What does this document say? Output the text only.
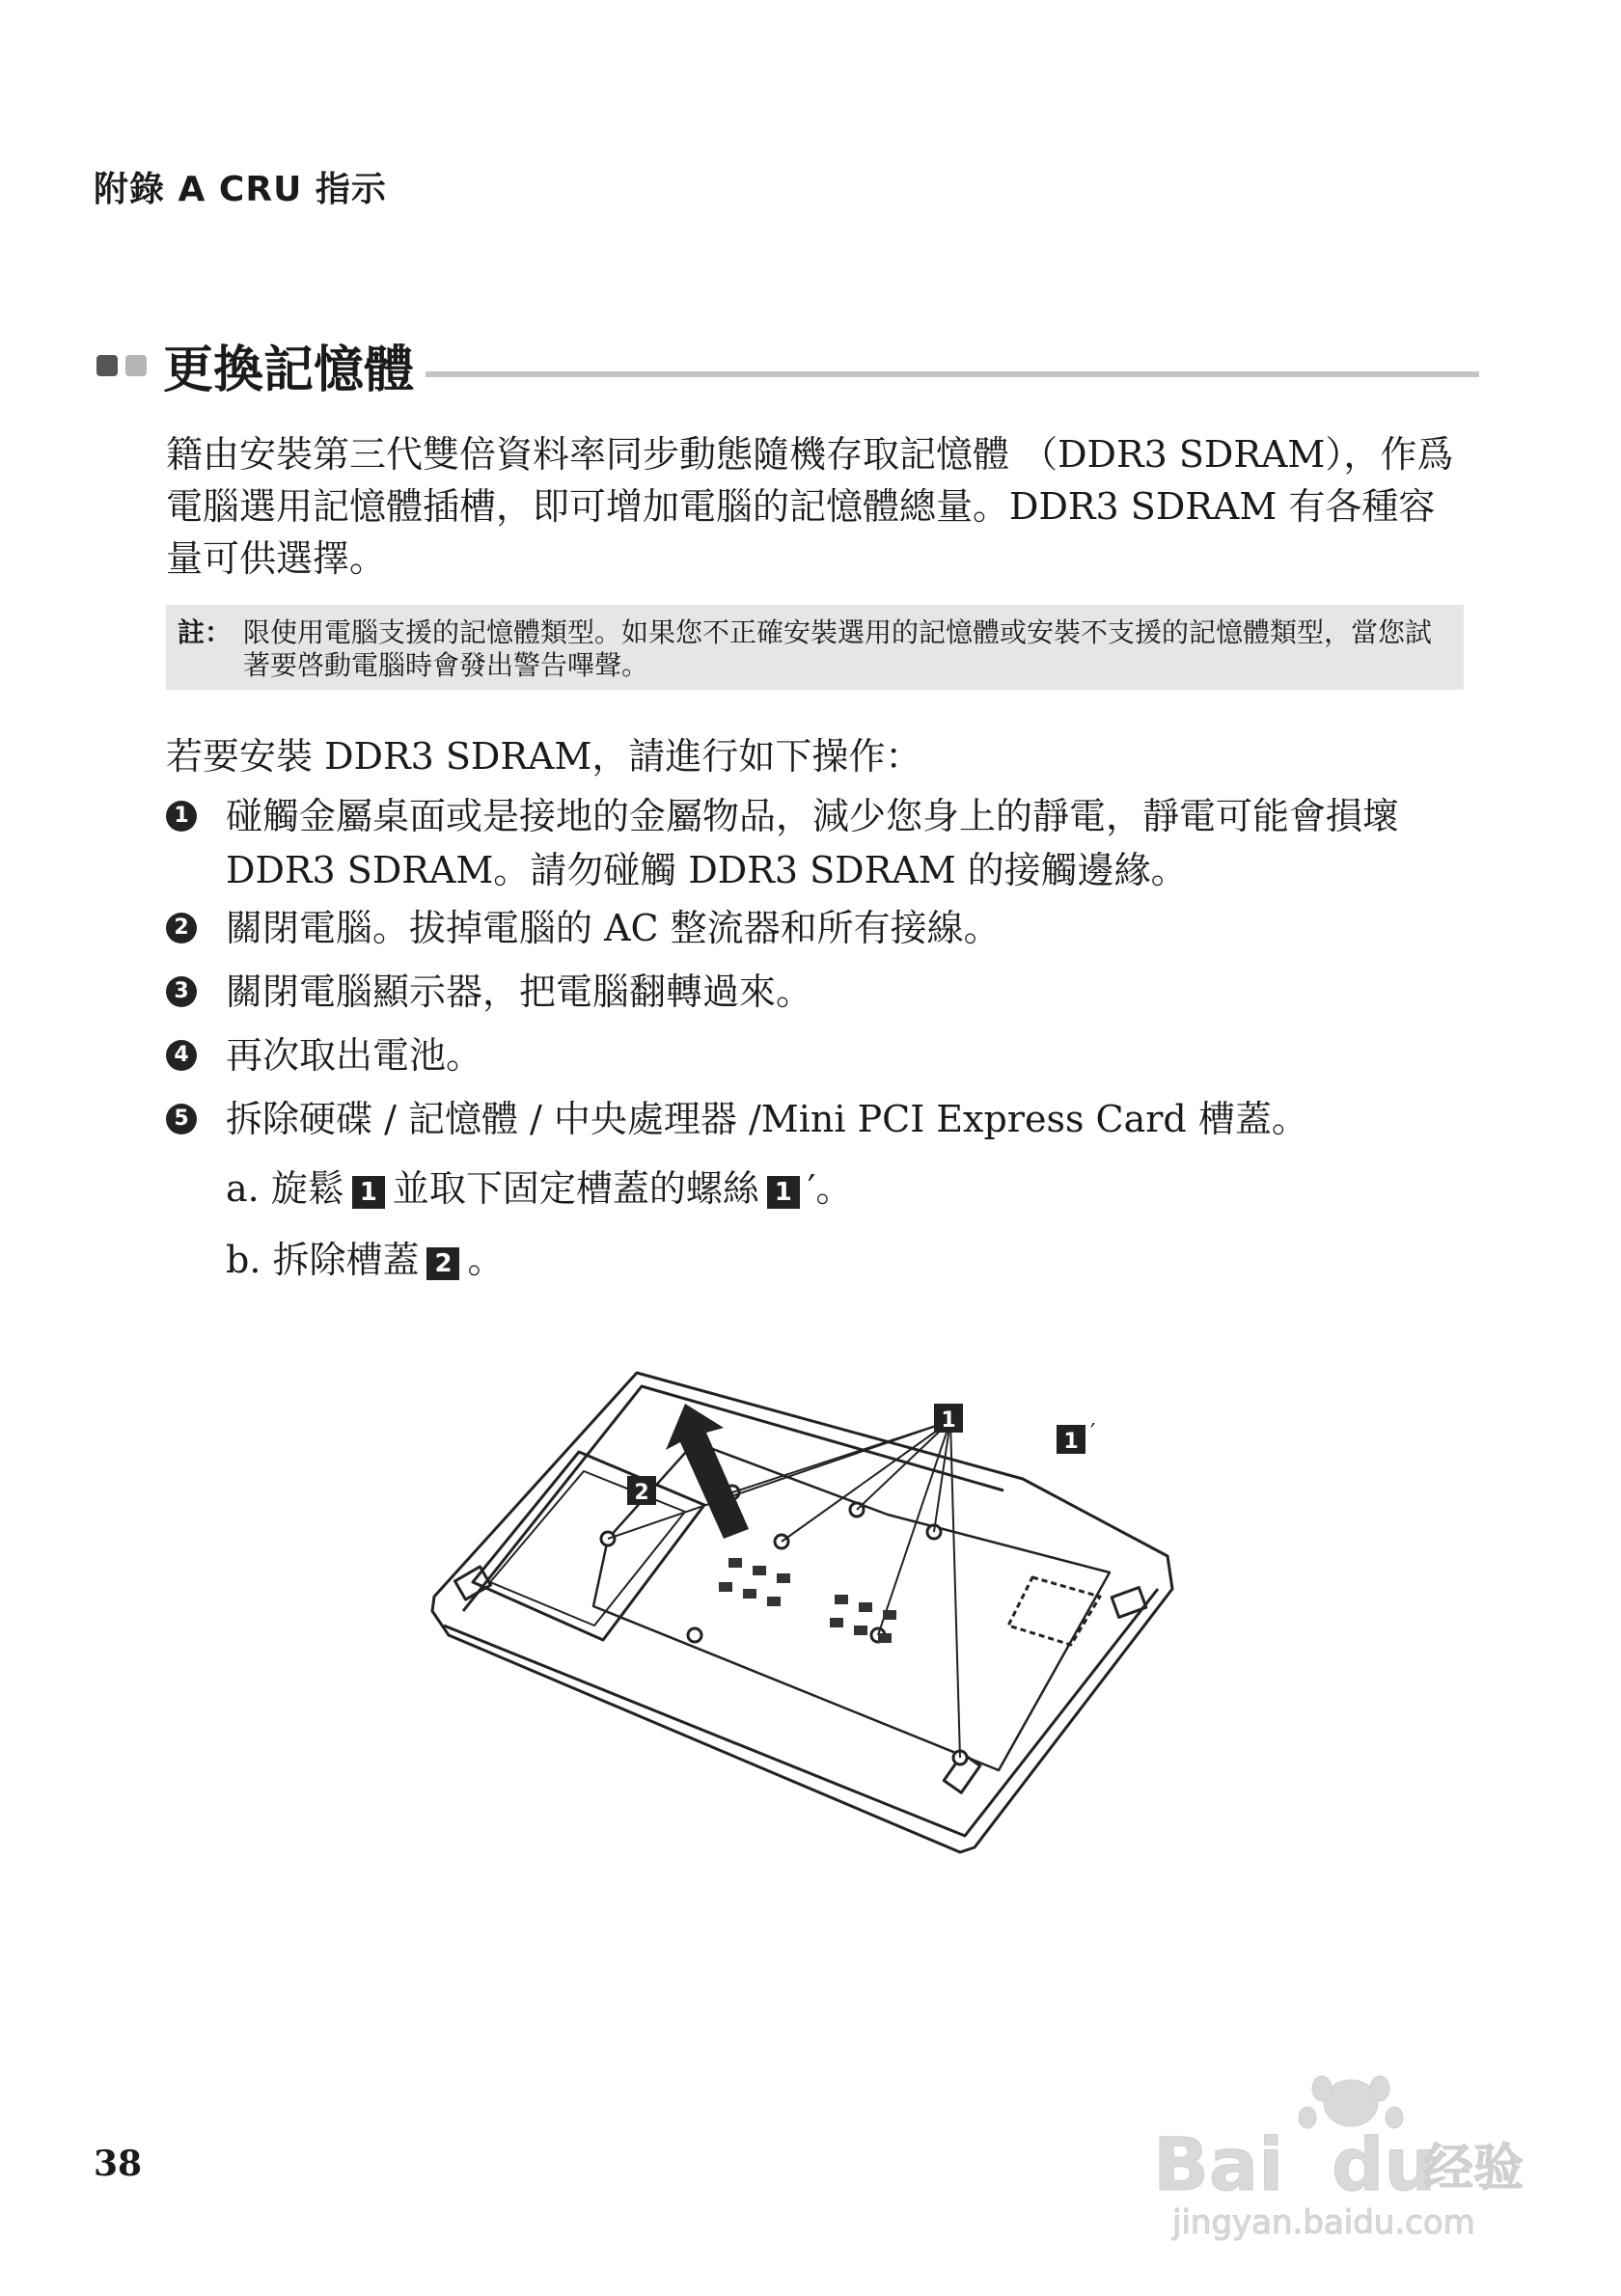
附錄 A CRU 指示
更換記憶體
籍由安裝第三代雙倍資料率同步動態隨機存取記憶體 （DDR3 SDRAM），作爲電腦選用記憶體插槽，即可增加電腦的記憶體總量。DDR3 SDRAM 有各種容量可供選擇。
註： 限使用電腦支援的記憶體類型。如果您不正確安裝選用的記憶體或安裝不支援的記憶體類型，當您試著要啓動電腦時會發出警告嗶聲。
若要安裝 DDR3 SDRAM，請進行如下操作：
1 碰觸金屬桌面或是接地的金屬物品，減少您身上的靜電，靜電可能會損壞 DDR3 SDRAM。請勿碰觸 DDR3 SDRAM 的接觸邊緣。
2 關閉電腦。拔掉電腦的 AC 整流器和所有接線。
3 關閉電腦顯示器，把電腦翻轉過來。
4 再次取出電池。
5 拆除硬碟 / 記憶體 / 中央處理器 /Mini PCI Express Card 槽蓋。
a. 旋鬆 1 並取下固定槽蓋的螺絲 1 ′。
b. 拆除槽蓋 2 。
1
1 ′
2
38	Bai du
经验
jingyan.baidu.com
